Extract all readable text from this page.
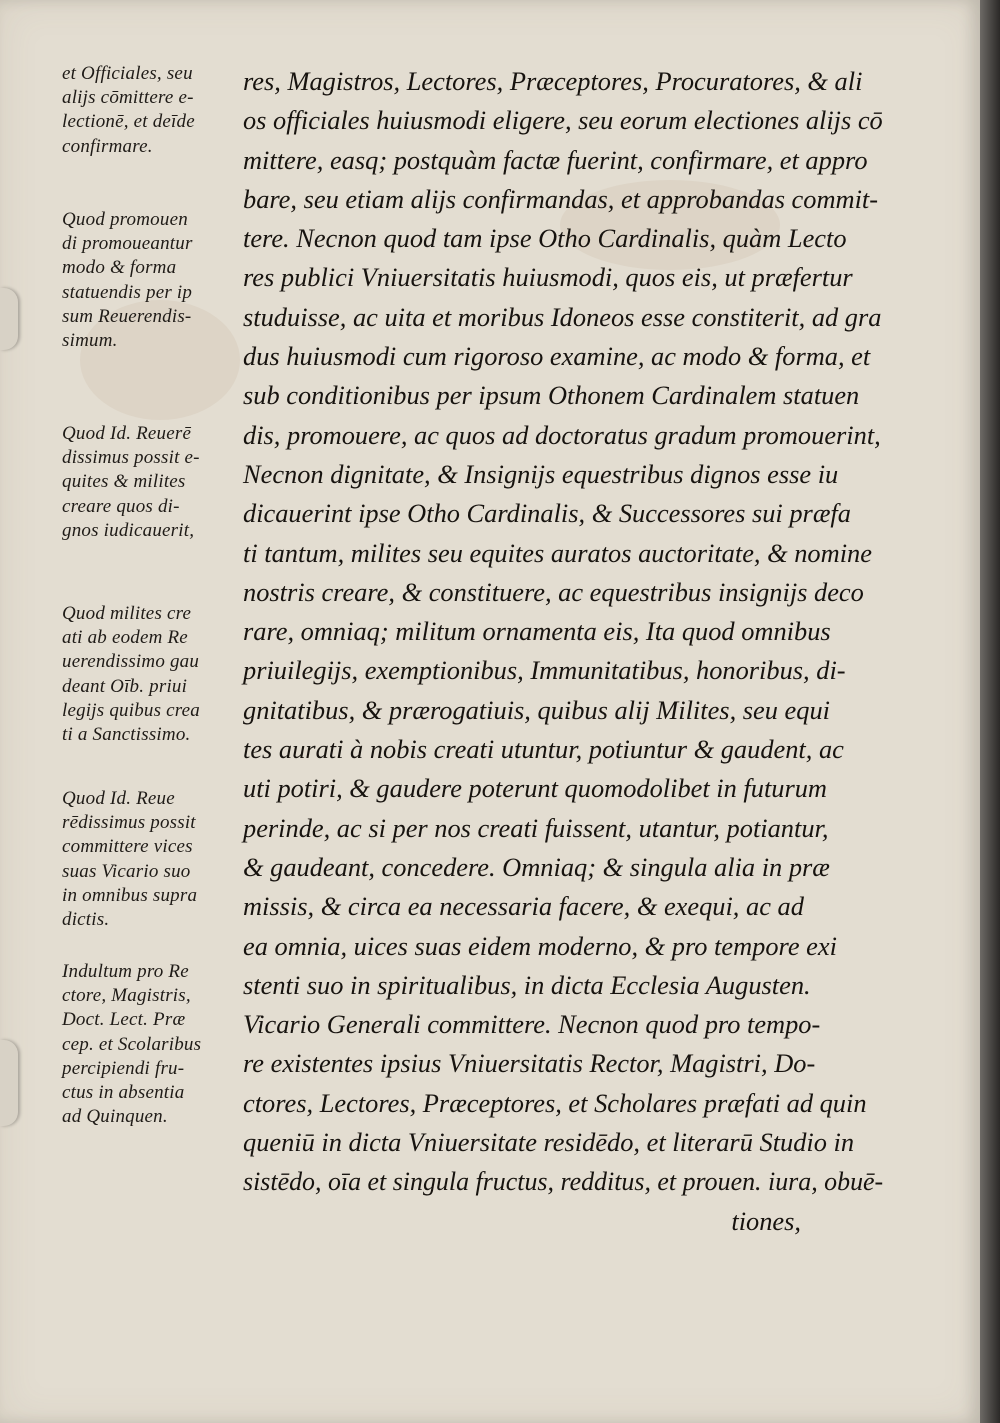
et Officiales, seu
alijs cōmittere e-
lectionē, et deīde
confirmare.
Quod promouen
di promoueantur
modo & forma
statuendis per ip
sum Reuerendis-
simum.
Quod Id. Reuerē
dissimus possit e-
quites & milites
creare quos di-
gnos iudicauerit,
Quod milites cre
ati ab eodem Re
uerendissimo gau
deant Oīb. priui
legijs quibus crea
ti a Sanctissimo.
Quod Id. Reue
rēdissimus possit
committere vices
suas Vicario suo
in omnibus supra
dictis.
Indultum pro Re
ctore, Magistris,
Doct. Lect. Præ
cep. et Scolaribus
percipiendi fru-
ctus in absentia
ad Quinquen.
res, Magistros, Lectores, Præceptores, Procuratores, & ali
os officiales huiusmodi eligere, seu eorum electiones alijs cō
mittere, easq; postquàm factæ fuerint, confirmare, et appro
bare, seu etiam alijs confirmandas, et approbandas commit-
tere. Necnon quod tam ipse Otho Cardinalis, quàm Lecto
res publici Vniuersitatis huiusmodi, quos eis, ut præfertur
studuisse, ac uita et moribus Idoneos esse constiterit, ad gra
dus huiusmodi cum rigoroso examine, ac modo & forma, et
sub conditionibus per ipsum Othonem Cardinalem statuen
dis, promouere, ac quos ad doctoratus gradum promouerint,
Necnon dignitate, & Insignijs equestribus dignos esse iu
dicauerint ipse Otho Cardinalis, & Successores sui præfa
ti tantum, milites seu equites auratos auctoritate, & nomine
nostris creare, & constituere, ac equestribus insignijs deco
rare, omniaq; militum ornamenta eis, Ita quod omnibus
priuilegijs, exemptionibus, Immunitatibus, honoribus, di-
gnitatibus, & prærogatiuis, quibus alij Milites, seu equi
tes aurati à nobis creati utuntur, potiuntur & gaudent, ac
uti potiri, & gaudere poterunt quomodolibet in futurum
perinde, ac si per nos creati fuissent, utantur, potiantur,
& gaudeant, concedere. Omniaq; & singula alia in præ
missis, & circa ea necessaria facere, & exequi, ac ad
ea omnia, uices suas eidem moderno, & pro tempore exi
stenti suo in spiritualibus, in dicta Ecclesia Augusten.
Vicario Generali committere. Necnon quod pro tempo-
re existentes ipsius Vniuersitatis Rector, Magistri, Do-
ctores, Lectores, Præceptores, et Scholares præfati ad quin
queniū in dicta Vniuersitate residēdo, et literarū Studio in
sistēdo, oīa et singula fructus, redditus, et prouen. iura, obuē-
tiones,
